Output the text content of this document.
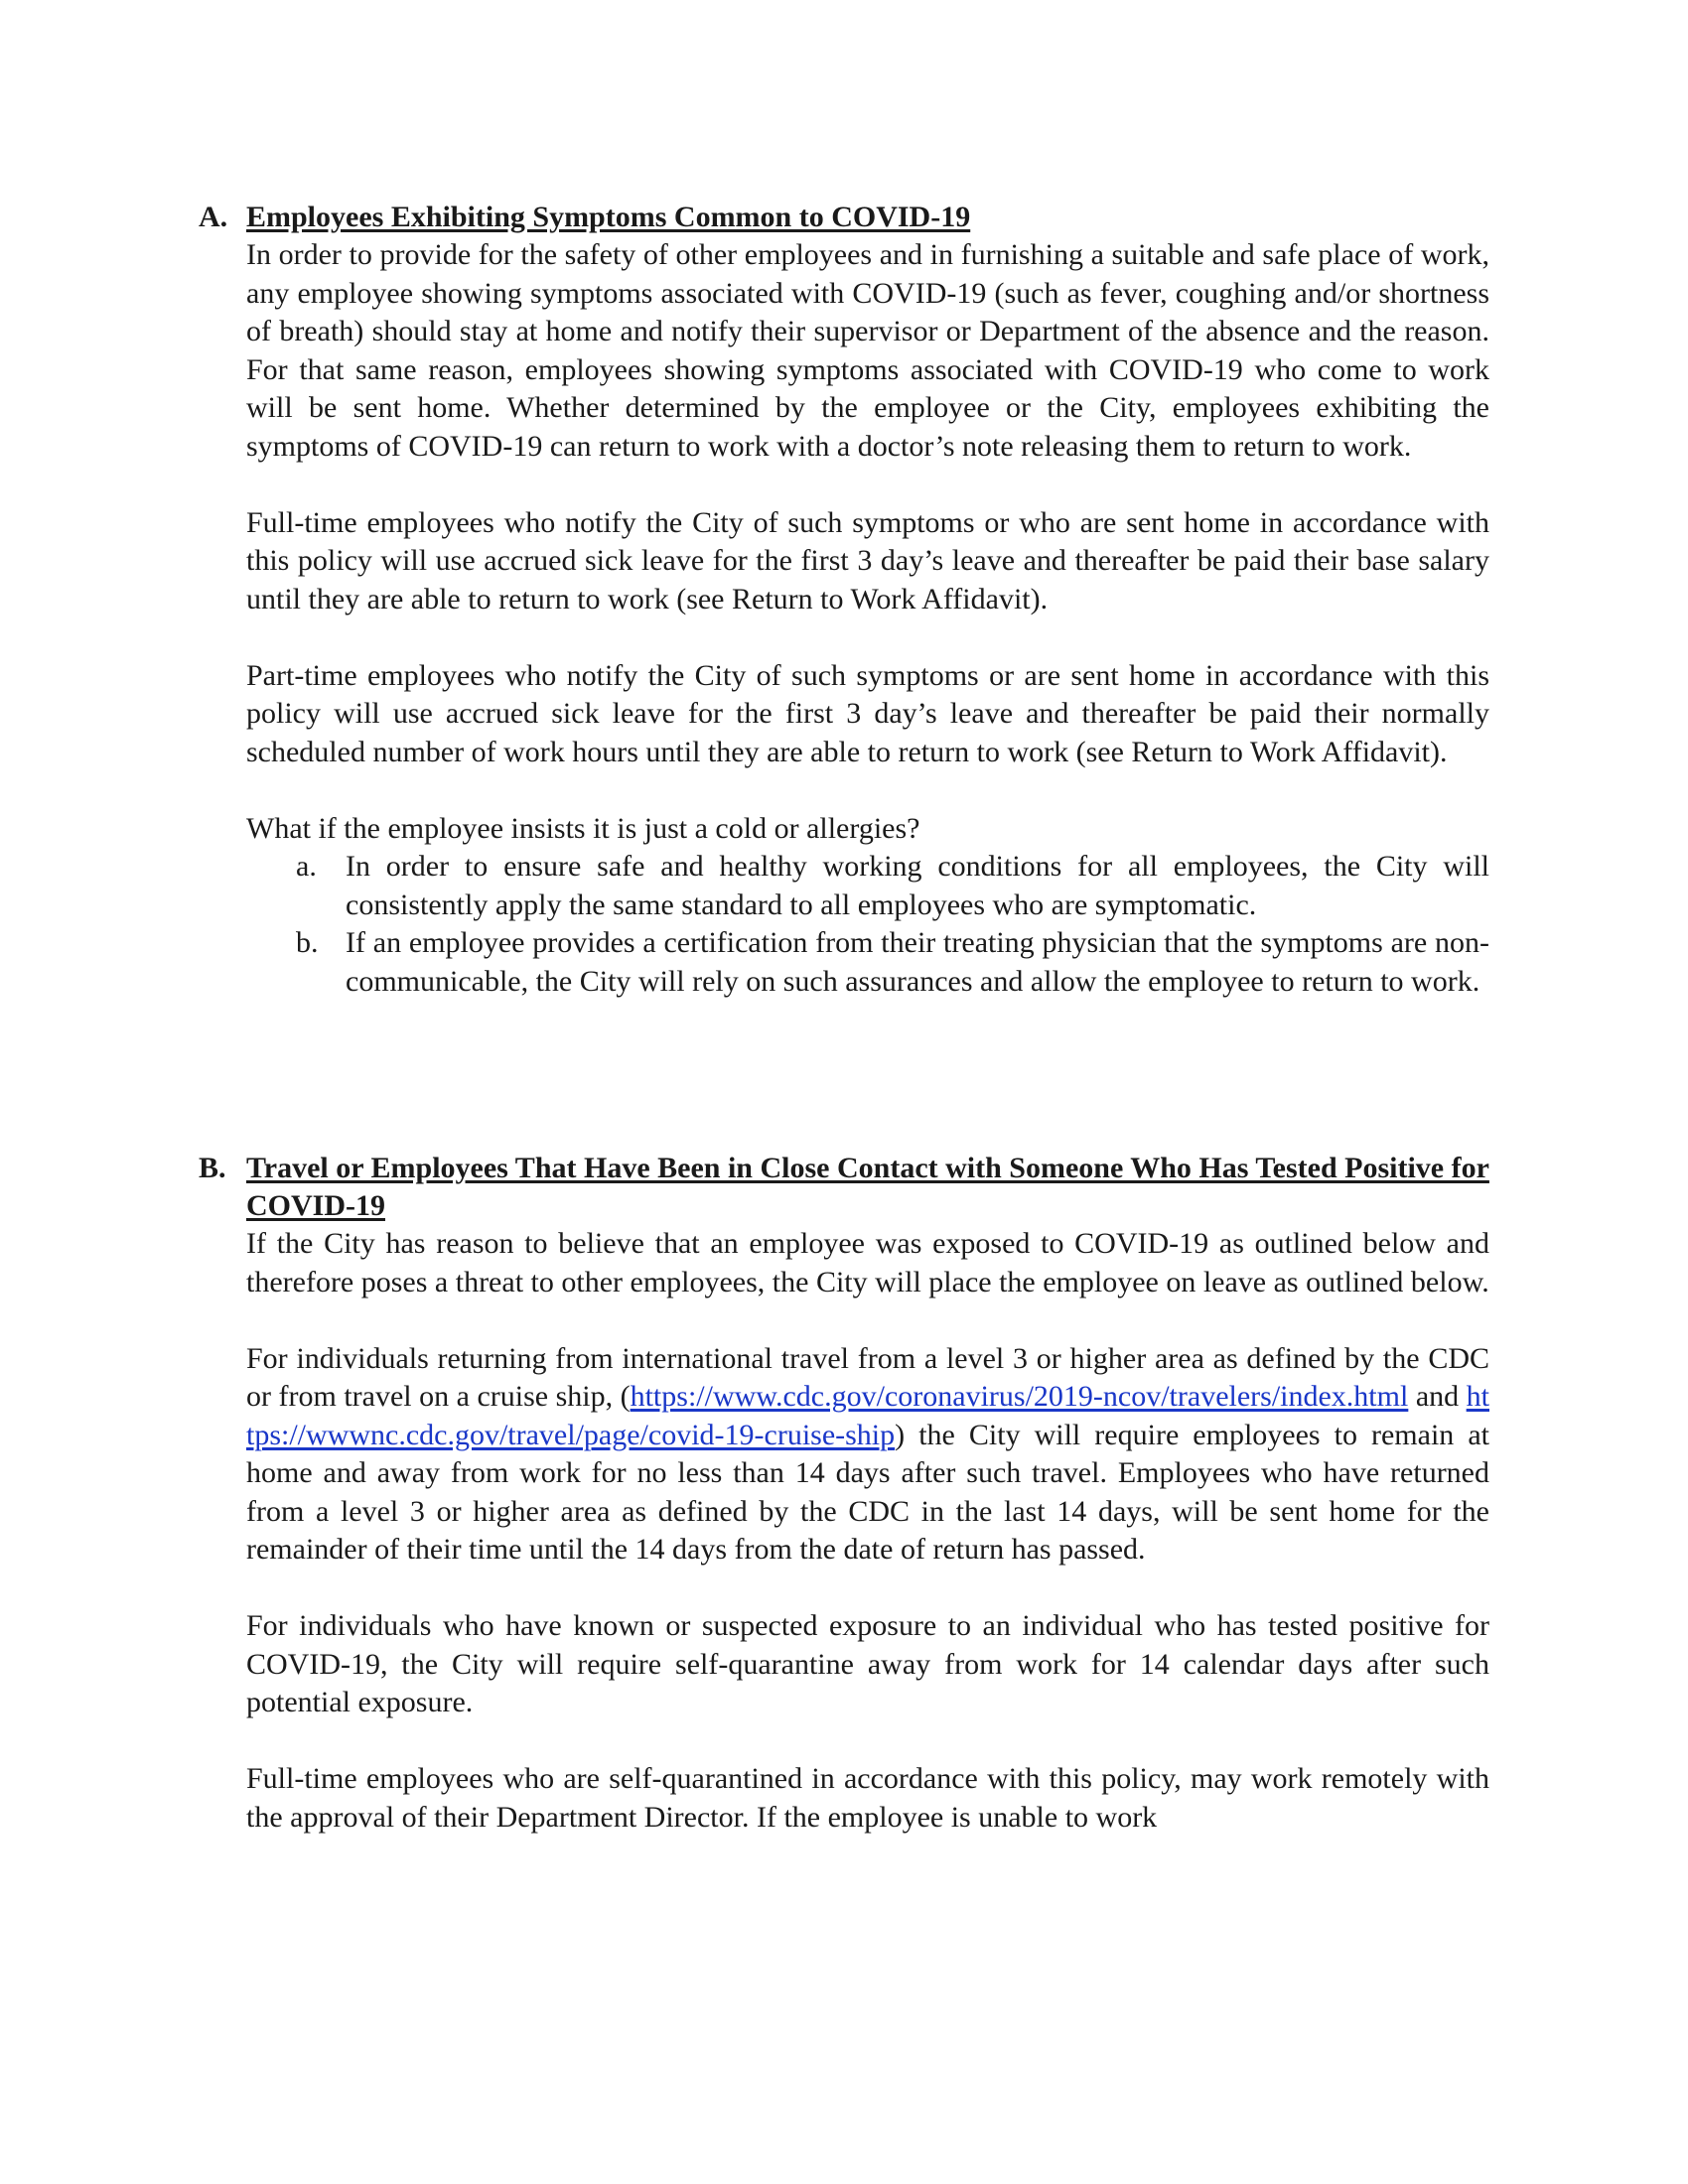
A. Employees Exhibiting Symptoms Common to COVID-19

In order to provide for the safety of other employees and in furnishing a suitable and safe place of work, any employee showing symptoms associated with COVID-19 (such as fever, coughing and/or shortness of breath) should stay at home and notify their supervisor or Department of the absence and the reason. For that same reason, employees showing symptoms associated with COVID-19 who come to work will be sent home. Whether determined by the employee or the City, employees exhibiting the symptoms of COVID-19 can return to work with a doctor’s note releasing them to return to work.

Full-time employees who notify the City of such symptoms or who are sent home in accordance with this policy will use accrued sick leave for the first 3 day’s leave and thereafter be paid their base salary until they are able to return to work (see Return to Work Affidavit).

Part-time employees who notify the City of such symptoms or are sent home in accordance with this policy will use accrued sick leave for the first 3 day’s leave and thereafter be paid their normally scheduled number of work hours until they are able to return to work (see Return to Work Affidavit).

What if the employee insists it is just a cold or allergies?

a. In order to ensure safe and healthy working conditions for all employees, the City will consistently apply the same standard to all employees who are symptomatic.
b. If an employee provides a certification from their treating physician that the symptoms are non-communicable, the City will rely on such assurances and allow the employee to return to work.
B. Travel or Employees That Have Been in Close Contact with Someone Who Has Tested Positive for COVID-19

If the City has reason to believe that an employee was exposed to COVID-19 as outlined below and therefore poses a threat to other employees, the City will place the employee on leave as outlined below.

For individuals returning from international travel from a level 3 or higher area as defined by the CDC or from travel on a cruise ship, (https://www.cdc.gov/coronavirus/2019-ncov/travelers/index.html and https://wwwnc.cdc.gov/travel/page/covid-19-cruise-ship) the City will require employees to remain at home and away from work for no less than 14 days after such travel. Employees who have returned from a level 3 or higher area as defined by the CDC in the last 14 days, will be sent home for the remainder of their time until the 14 days from the date of return has passed.

For individuals who have known or suspected exposure to an individual who has tested positive for COVID-19, the City will require self-quarantine away from work for 14 calendar days after such potential exposure.

Full-time employees who are self-quarantined in accordance with this policy, may work remotely with the approval of their Department Director. If the employee is unable to work
